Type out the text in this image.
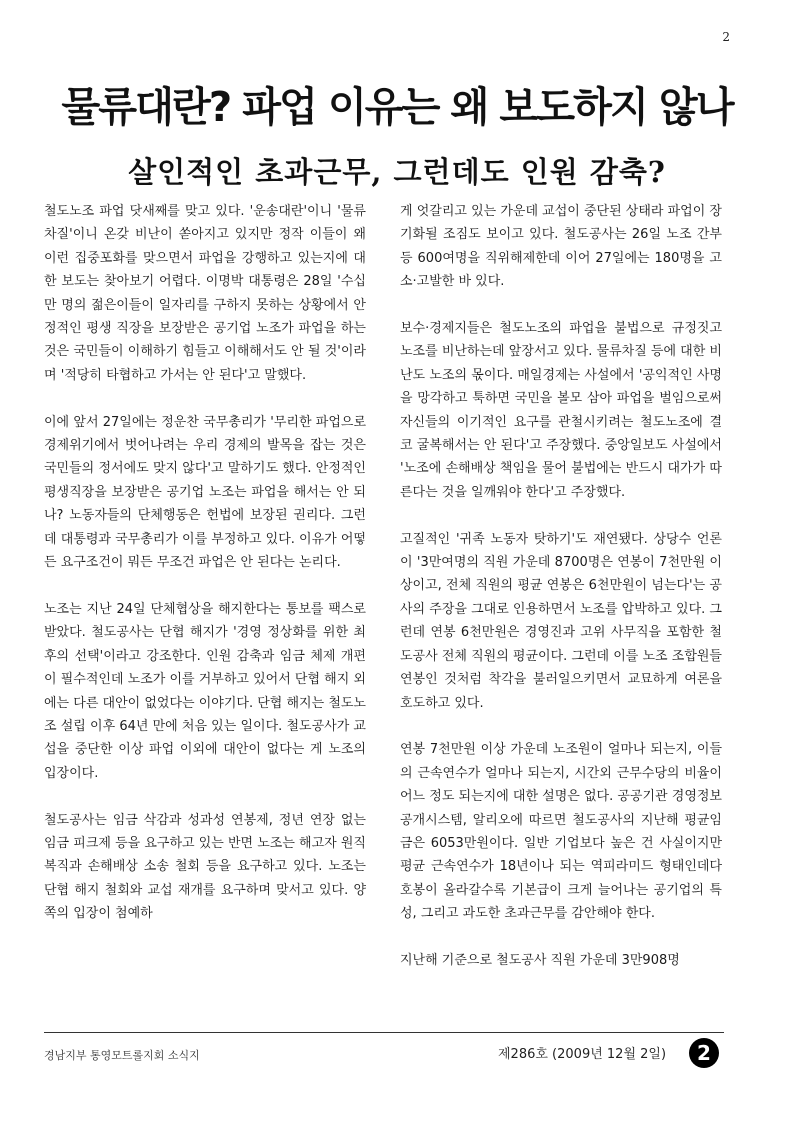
2
물류대란? 파업 이유는 왜 보도하지 않나
살인적인 초과근무, 그런데도 인원 감축?

철도노조 파업 닷새째를 맞고 있다. '운송대란'이니 '물류차질'이니 온갖 비난이 쏟아지고 있지만 정작 이들이 왜 이런 집중포화를 맞으면서 파업을 강행하고 있는지에 대한 보도는 찾아보기 어렵다. 이명박 대통령은 28일 '수십만 명의 젊은이들이 일자리를 구하지 못하는 상황에서 안정적인 평생 직장을 보장받은 공기업 노조가 파업을 하는 것은 국민들이 이해하기 힘들고 이해해서도 안 될 것'이라며 '적당히 타협하고 가서는 안 된다'고 말했다.

이에 앞서 27일에는 정운찬 국무총리가 '무리한 파업으로 경제위기에서 벗어나려는 우리 경제의 발목을 잡는 것은 국민들의 정서에도 맞지 않다'고 말하기도 했다. 안정적인 평생직장을 보장받은 공기업 노조는 파업을 해서는 안 되나? 노동자들의 단체행동은 헌법에 보장된 권리다. 그런데 대통령과 국무총리가 이를 부정하고 있다. 이유가 어떻든 요구조건이 뭐든 무조건 파업은 안 된다는 논리다.

노조는 지난 24일 단체협상을 해지한다는 통보를 팩스로 받았다. 철도공사는 단협 해지가 '경영 정상화를 위한 최후의 선택'이라고 강조한다. 인원 감축과 임금 체제 개편이 필수적인데 노조가 이를 거부하고 있어서 단협 해지 외에는 다른 대안이 없었다는 이야기다. 단협 해지는 철도노조 설립 이후 64년 만에 처음 있는 일이다. 철도공사가 교섭을 중단한 이상 파업 이외에 대안이 없다는 게 노조의 입장이다.

철도공사는 임금 삭감과 성과성 연봉제, 정년 연장 없는 임금 피크제 등을 요구하고 있는 반면 노조는 해고자 원직 복직과 손해배상 소송 철회 등을 요구하고 있다. 노조는 단협 해지 철회와 교섭 재개를 요구하며 맞서고 있다. 양쪽의 입장이 첨예하

게 엇갈리고 있는 가운데 교섭이 중단된 상태라 파업이 장기화될 조짐도 보이고 있다. 철도공사는 26일 노조 간부 등 600여명을 직위해제한데 이어 27일에는 180명을 고소·고발한 바 있다.

보수·경제지들은 철도노조의 파업을 불법으로 규정짓고 노조를 비난하는데 앞장서고 있다. 물류차질 등에 대한 비난도 노조의 몫이다. 매일경제는 사설에서 '공익적인 사명을 망각하고 툭하면 국민을 볼모 삼아 파업을 벌임으로써 자신들의 이기적인 요구를 관철시키려는 철도노조에 결코 굴복해서는 안 된다'고 주장했다. 중앙일보도 사설에서 '노조에 손해배상 책임을 물어 불법에는 반드시 대가가 따른다는 것을 일깨워야 한다'고 주장했다.

고질적인 '귀족 노동자 탓하기'도 재연됐다. 상당수 언론이 '3만여명의 직원 가운데 8700명은 연봉이 7천만원 이상이고, 전체 직원의 평균 연봉은 6천만원이 넘는다'는 공사의 주장을 그대로 인용하면서 노조를 압박하고 있다. 그런데 연봉 6천만원은 경영진과 고위 사무직을 포함한 철도공사 전체 직원의 평균이다. 그런데 이를 노조 조합원들 연봉인 것처럼 착각을 불러일으키면서 교묘하게 여론을 호도하고 있다.

연봉 7천만원 이상 가운데 노조원이 얼마나 되는지, 이들의 근속연수가 얼마나 되는지, 시간외 근무수당의 비율이 어느 정도 되는지에 대한 설명은 없다. 공공기관 경영정보 공개시스템, 알리오에 따르면 철도공사의 지난해 평균임금은 6053만원이다. 일반 기업보다 높은 건 사실이지만 평균 근속연수가 18년이나 되는 역피라미드 형태인데다 호봉이 올라갈수록 기본급이 크게 늘어나는 공기업의 특성, 그리고 과도한 초과근무를 감안해야 한다.

지난해 기준으로 철도공사 직원 가운데 3만908명

경남지부 통영모트롤지회 소식지	제286호 (2009년 12월 2일)	2
